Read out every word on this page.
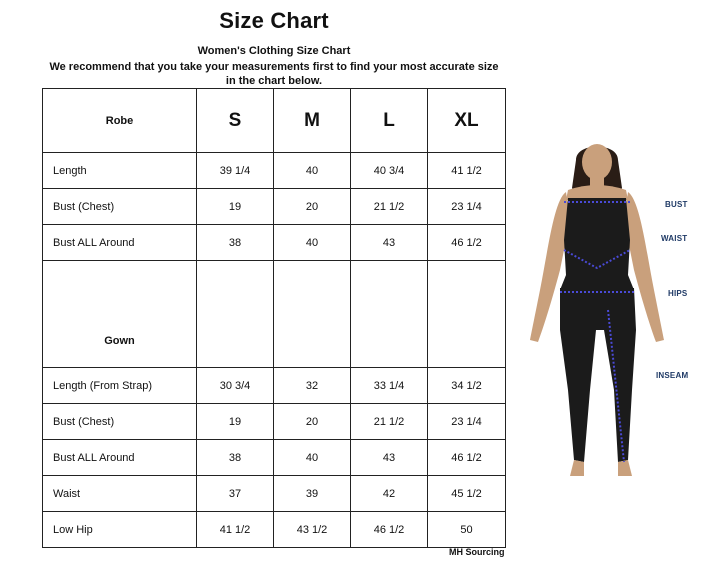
Size Chart
Women's Clothing Size Chart
We recommend that you take your measurements first to find your most accurate size in the chart below.
Robe	S	M	L	XL
Length	39 1/4	40	40 3/4	41 1/2
Bust (Chest)	19	20	21 1/2	23 1/4
Bust ALL Around	38	40	43	46 1/2
Gown				
Length (From Strap)	30 3/4	32	33 1/4	34 1/2
Bust (Chest)	19	20	21 1/2	23 1/4
Bust ALL Around	38	40	43	46 1/2
Waist	37	39	42	45 1/2
Low Hip	41 1/2	43 1/2	46 1/2	50
MH Sourcing
BUST
WAIST
HIPS
INSEAM
